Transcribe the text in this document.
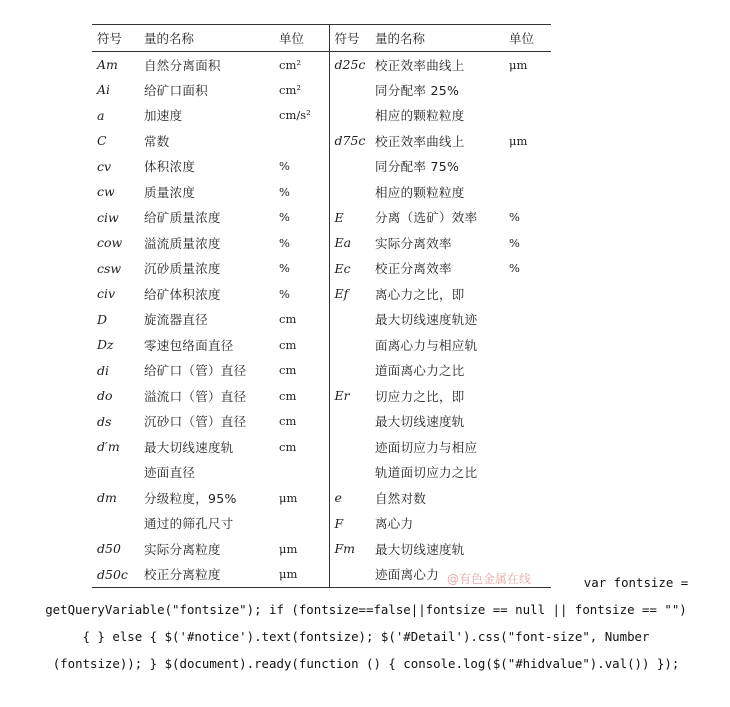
符号	量的名称	单位	符号	量的名称	单位
Am	自然分离面积	cm²	d25c	校正效率曲线上	μm
Ai	给矿口面积	cm²		同分配率 25%	
a	加速度	cm/s²		相应的颗粒粒度	
C	常数		d75c	校正效率曲线上	μm
cv	体积浓度	%		同分配率 75%	
cw	质量浓度	%		相应的颗粒粒度	
ciw	给矿质量浓度	%	E	分离（选矿）效率	%
cow	溢流质量浓度	%	Ea	实际分离效率	%
csw	沉砂质量浓度	%	Ec	校正分离效率	%
civ	给矿体积浓度	%	Ef	离心力之比，即	
D	旋流器直径	cm		最大切线速度轨迹	
Dz	零速包络面直径	cm		面离心力与相应轨	
di	给矿口（管）直径	cm		道面离心力之比	
do	溢流口（管）直径	cm	Er	切应力之比，即	
ds	沉砂口（管）直径	cm		最大切线速度轨	
d′m	最大切线速度轨	cm		迹面切应力与相应	
	迹面直径			轨道面切应力之比	
dm	分级粒度，95%	μm	e	自然对数	
	通过的筛孔尺寸		F	离心力	
d50	实际分离粒度	μm	Fm	最大切线速度轨	
d50c	校正分离粒度	μm		迹面离心力	@有色金属在线	var fontsize =
getQueryVariable("fontsize"); if (fontsize==false||fontsize == null || fontsize == "")
{ } else { $('#notice').text(fontsize); $('#Detail').css("font-size", Number
(fontsize)); } $(document).ready(function () { console.log($("#hidvalue").val()) });
